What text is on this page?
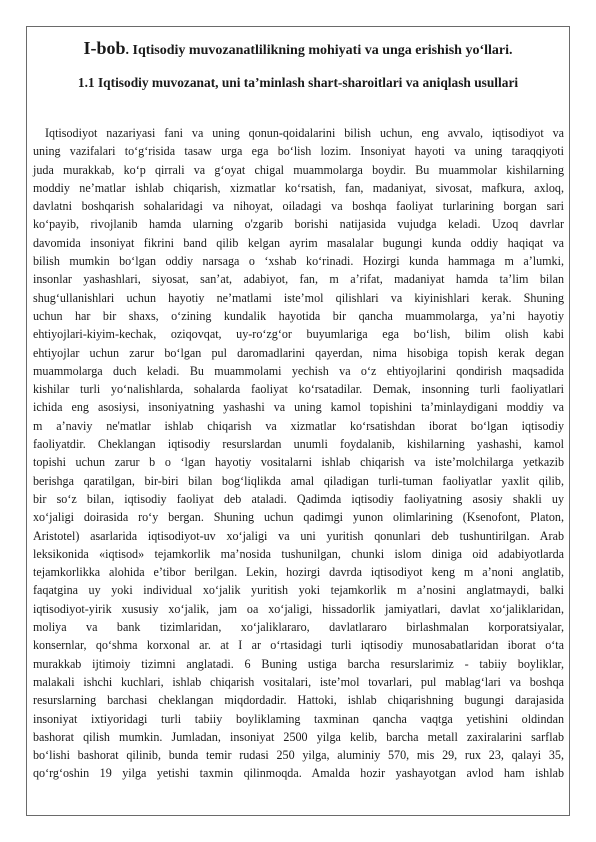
I-bob. Iqtisodiy muvozanatlilikning mohiyati va unga erishish yo‘llari.
1.1 Iqtisodiy muvozanat, uni ta’minlash shart-sharoitlari va aniqlash usullari
Iqtisodiyot nazariyasi fani va uning qonun-qoidalarini bilish uchun, eng avvalo, iqtisodiyot va
uning vazifalari to‘g‘risida tasaw urga ega bo‘lish lozim. Insoniyat hayoti va uning taraqqiyoti
juda murakkab, ko‘p qirrali va g‘oyat chigal muammolarga boydir. Bu muammolar kishilarning
moddiy ne’matlar ishlab chiqarish, xizmatlar ko‘rsatish, fan, madaniyat, sivosat, mafkura, axloq,
davlatni boshqarish sohalaridagi va nihoyat, oiladagi va boshqa faoliyat turlarining borgan sari
ko‘payib, rivojlanib hamda ularning o'zgarib borishi natijasida vujudga keladi. Uzoq davrlar
davomida insoniyat fikrini band qilib kelgan ayrim masalalar bugungi kunda oddiy haqiqat va
bilish mumkin bo‘lgan oddiy narsaga o ‘xshab ko‘rinadi. Hozirgi kunda hammaga m a’lumki,
insonlar yashashlari, siyosat, san’at, adabiyot, fan, m a’rifat, madaniyat hamda ta’lim bilan
shug‘ullanishlari uchun hayotiy ne’matlami iste’mol qilishlari va kiyinishlari kerak. Shuning
uchun har bir shaxs, o‘zining kundalik hayotida bir qancha muammolarga, ya’ni hayotiy
ehtiyojlari-kiyim-kechak, oziqovqat, uy-ro‘zg‘or buyumlariga ega bo‘lish, bilim olish kabi
ehtiyojlar uchun zarur bo‘lgan pul daromadlarini qayerdan, nima hisobiga topish kerak degan
muammolarga duch keladi. Bu muammolami yechish va o‘z ehtiyojlarini qondirish maqsadida
kishilar turli yo‘nalishlarda, sohalarda faoliyat ko‘rsatadilar. Demak, insonning turli faoliyatlari
ichida eng asosiysi, insoniyatning yashashi va uning kamol topishini ta’minlaydigani moddiy va
m a’naviy ne'matlar ishlab chiqarish va xizmatlar ko‘rsatishdan iborat bo‘lgan iqtisodiy
faoliyatdir. Cheklangan iqtisodiy resurslardan unumli foydalanib, kishilarning yashashi, kamol
topishi uchun zarur b o ‘lgan hayotiy vositalarni ishlab chiqarish va iste’molchilarga yetkazib
berishga qaratilgan, bir-biri bilan bog‘liqlikda amal qiladigan turli-tuman faoliyatlar yaxlit qilib,
bir so‘z bilan, iqtisodiy faoliyat deb ataladi. Qadimda iqtisodiy faoliyatning asosiy shakli uy
xo‘jaligi doirasida ro‘y bergan. Shuning uchun qadimgi yunon olimlarining (Ksenofont, Platon,
Aristotel) asarlarida iqtisodiyot-uv xo‘jaligi va uni yuritish qonunlari deb tushuntirilgan. Arab
leksikonida «iqtisod» tejamkorlik ma’nosida tushunilgan, chunki islom diniga oid adabiyotlarda
tejamkorlikka alohida e’tibor berilgan. Lekin, hozirgi davrda iqtisodiyot keng m a’noni anglatib,
faqatgina uy yoki individual xo‘jalik yuritish yoki tejamkorlik m a’nosini anglatmaydi, balki
iqtisodiyot-yirik xususiy xo‘jalik, jam oa xo‘jaligi, hissadorlik jamiyatlari, davlat xo‘jaliklaridan,
moliya va bank tizimlaridan, xo‘jaliklararo, davlatlararo birlashmalan korporatsiyalar,
konsernlar, qo‘shma korxonal ar. at I ar o‘rtasidagi turli iqtisodiy munosabatlaridan iborat o‘ta
murakkab ijtimoiy tizimni anglatadi. 6 Buning ustiga barcha resurslarimiz - tabiiy boyliklar,
malakali ishchi kuchlari, ishlab chiqarish vositalari, iste’mol tovarlari, pul mablag‘lari va boshqa
resurslarning barchasi cheklangan miqdordadir. Hattoki, ishlab chiqarishning bugungi darajasida
insoniyat ixtiyoridagi turli tabiiy boyliklaming taxminan qancha vaqtga yetishini oldindan
bashorat qilish mumkin. Jumladan, insoniyat 2500 yilga kelib, barcha metall zaxiralarini sarflab
bo‘lishi bashorat qilinib, bunda temir rudasi 250 yilga, aluminiy 570, mis 29, rux 23, qalayi 35,
qo‘rg‘oshin 19 yilga yetishi taxmin qilinmoqda. Amalda hozir yashayotgan avlod ham ishlab
